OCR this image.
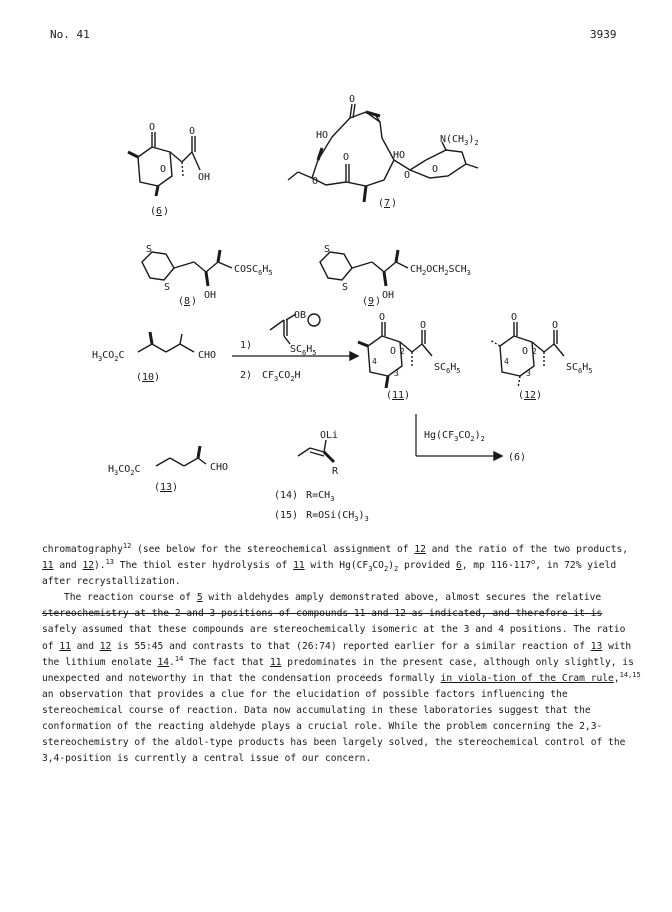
No. 41	3939
O
O
O
OH
( 6 )
O
HO
O
O
HO
O
O
$N(CH_3)_2$
( 7 )
S
S
$COSC_6H_5$
OH
( 8 )
S
S
$CH_2OCH_2SCH_3$
OH
( 9 )
$H_3CO_2C$	CHO
( 10 )
OB
$SC_6H_5$
1)
2) $CF_3CO_2H$
O
O
O
2
3
4
$SC_6H_5$
( 11 )
O
O
O
2
3
4
$SC_6H_5$
( 12 )
$Hg(CF_3CO_2)_2$
(6)
$H_3CO_2C$	CHO
( 13 )
OLi
R
(14) $R=CH_3$
(15) $R=OSi(CH_3)_3$

chromatography$^{12}$ (see below for the stereochemical assignment of 12 and the ratio of the two products, 11 and 12).$^{13}$ The thiol ester hydrolysis of 11 with $Hg(CF_3CO_2)_2$ provided 6, mp 116-117$^o$, in 72% yield after recrystallization.

The reaction course of 5 with aldehydes amply demonstrated above, almost secures the relative stereochemistry at the 2 and 3 positions of compounds 11 and 12 as indicated, and therefore it is safely assumed that these compounds are stereochemically isomeric at the 3 and 4 positions. The ratio of 11 and 12 is 55:45 and contrasts to that (26:74) reported earlier for a similar reaction of 13 with the lithium enolate 14.14 The fact that 11 predominates in the present case, although only slightly, is unexpected and noteworthy in that the condensation proceeds formally in viola-tion of the Cram rule,$^{14,15}$ an observation that provides a clue for the elucidation of possible factors influencing the stereochemical course of reaction. Data now accumulating in these laboratories suggest that the conformation of the reacting aldehyde plays a crucial role. While the problem concerning the 2,3-stereochemistry of the aldol-type products has been largely solved, the stereochemical control of the 3,4-position is currently a central issue of our concern.
